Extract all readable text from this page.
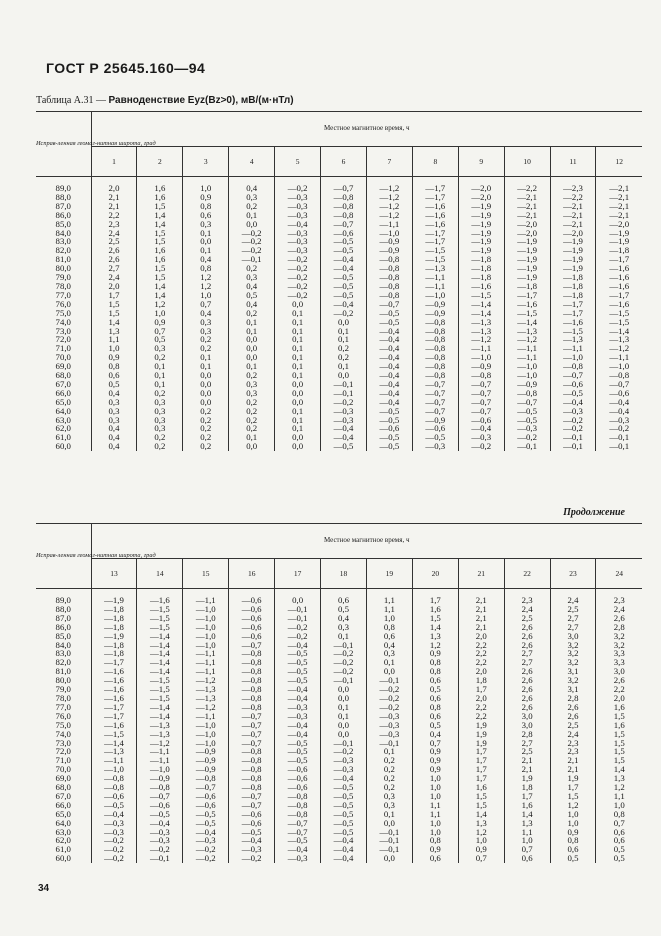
ГОСТ Р 25645.160—94
Таблица А.31 — Равноденствие Eуz(Bz>0), мВ/(м·нТл)
Исправ-ленная геомаг-нитная широта, град	Местное магнитное время, ч											
	1	2	3	4	5	6	7	8	9	10	11	12

89,0	2,0	1,6	1,0	0,4	—0,2	—0,7	—1,2	—1,7	—2,0	—2,2	—2,3	—2,1
88,0	2,1	1,6	0,9	0,3	—0,3	—0,8	—1,2	—1,7	—2,0	—2,1	—2,2	—2,1
87,0	2,1	1,5	0,8	0,2	—0,3	—0,8	—1,2	—1,6	—1,9	—2,1	—2,1	—2,1
86,0	2,2	1,4	0,6	0,1	—0,3	—0,8	—1,2	—1,6	—1,9	—2,1	—2,1	—2,1
85,0	2,3	1,4	0,3	0,0	—0,4	—0,7	—1,1	—1,6	—1,9	—2,0	—2,1	—2,0
84,0	2,4	1,5	0,1	—0,2	—0,3	—0,6	—1,0	—1,7	—1,9	—2,0	—2,0	—1,9
83,0	2,5	1,5	0,0	—0,2	—0,3	—0,5	—0,9	—1,7	—1,9	—1,9	—1,9	—1,9
82,0	2,6	1,6	0,1	—0,2	—0,3	—0,5	—0,9	—1,5	—1,9	—1,9	—1,9	—1,8
81,0	2,6	1,6	0,4	—0,1	—0,2	—0,4	—0,8	—1,5	—1,8	—1,9	—1,9	—1,7
80,0	2,7	1,5	0,8	0,2	—0,2	—0,4	—0,8	—1,3	—1,8	—1,9	—1,9	—1,6
79,0	2,4	1,5	1,2	0,3	—0,2	—0,5	—0,8	—1,1	—1,8	—1,9	—1,8	—1,6
78,0	2,0	1,4	1,2	0,4	—0,2	—0,5	—0,8	—1,1	—1,6	—1,8	—1,8	—1,6
77,0	1,7	1,4	1,0	0,5	—0,2	—0,5	—0,8	—1,0	—1,5	—1,7	—1,8	—1,7
76,0	1,5	1,2	0,7	0,4	0,0	—0,4	—0,7	—0,9	—1,4	—1,6	—1,7	—1,6
75,0	1,5	1,0	0,4	0,2	0,1	—0,2	—0,5	—0,9	—1,4	—1,5	—1,7	—1,5
74,0	1,4	0,9	0,3	0,1	0,1	0,0	—0,5	—0,8	—1,3	—1,4	—1,6	—1,5
73,0	1,3	0,7	0,3	0,1	0,1	0,1	—0,4	—0,8	—1,3	—1,3	—1,5	—1,4
72,0	1,1	0,5	0,2	0,0	0,1	0,1	—0,4	—0,8	—1,2	—1,2	—1,3	—1,3
71,0	1,0	0,3	0,2	0,0	0,1	0,2	—0,4	—0,8	—1,1	—1,1	—1,1	—1,2
70,0	0,9	0,2	0,1	0,0	0,1	0,2	—0,4	—0,8	—1,0	—1,1	—1,0	—1,1
69,0	0,8	0,1	0,1	0,1	0,1	0,1	—0,4	—0,8	—0,9	—1,0	—0,8	—1,0
68,0	0,6	0,1	0,0	0,2	0,1	0,0	—0,4	—0,8	—0,8	—1,0	—0,7	—0,8
67,0	0,5	0,1	0,0	0,3	0,0	—0,1	—0,4	—0,7	—0,7	—0,9	—0,6	—0,7
66,0	0,4	0,2	0,0	0,3	0,0	—0,1	—0,4	—0,7	—0,7	—0,8	—0,5	—0,6
65,0	0,3	0,3	0,0	0,2	0,0	—0,2	—0,4	—0,7	—0,7	—0,7	—0,4	—0,4
64,0	0,3	0,3	0,2	0,2	0,1	—0,3	—0,5	—0,7	—0,7	—0,5	—0,3	—0,4
63,0	0,3	0,3	0,2	0,2	0,1	—0,3	—0,5	—0,9	—0,6	—0,5	—0,2	—0,3
62,0	0,4	0,3	0,2	0,2	0,1	—0,4	—0,6	—0,6	—0,4	—0,3	—0,2	—0,2
61,0	0,4	0,2	0,2	0,1	0,0	—0,4	—0,5	—0,5	—0,3	—0,2	—0,1	—0,1
60,0	0,4	0,2	0,2	0,0	0,0	—0,5	—0,5	—0,3	—0,2	—0,1	—0,1	—0,1
Продолжение
Исправ-ленная геомаг-нитная широта, град	Местное магнитное время, ч											
	13	14	15	16	17	18	19	20	21	22	23	24

89,0	—1,9	—1,6	—1,1	—0,6	0,0	0,6	1,1	1,7	2,1	2,3	2,4	2,3
88,0	—1,8	—1,5	—1,0	—0,6	—0,1	0,5	1,1	1,6	2,1	2,4	2,5	2,4
87,0	—1,8	—1,5	—1,0	—0,6	—0,1	0,4	1,0	1,5	2,1	2,5	2,7	2,6
86,0	—1,8	—1,5	—1,0	—0,6	—0,2	0,3	0,8	1,4	2,1	2,6	2,7	2,8
85,0	—1,9	—1,4	—1,0	—0,6	—0,2	0,1	0,6	1,3	2,0	2,6	3,0	3,2
84,0	—1,8	—1,4	—1,0	—0,7	—0,4	—0,1	0,4	1,2	2,2	2,6	3,2	3,2
83,0	—1,8	—1,4	—1,1	—0,8	—0,5	—0,2	0,3	0,9	2,2	2,7	3,2	3,3
82,0	—1,7	—1,4	—1,1	—0,8	—0,5	—0,2	0,1	0,8	2,2	2,7	3,2	3,3
81,0	—1,6	—1,4	—1,1	—0,8	—0,5	—0,2	0,0	0,8	2,0	2,6	3,1	3,0
80,0	—1,6	—1,5	—1,2	—0,8	—0,5	—0,1	—0,1	0,6	1,8	2,6	3,2	2,6
79,0	—1,6	—1,5	—1,3	—0,8	—0,4	0,0	—0,2	0,5	1,7	2,6	3,1	2,2
78,0	—1,6	—1,5	—1,3	—0,8	—0,4	0,0	—0,2	0,6	2,0	2,6	2,8	2,0
77,0	—1,7	—1,4	—1,2	—0,8	—0,3	0,1	—0,2	0,8	2,2	2,6	2,6	1,6
76,0	—1,7	—1,4	—1,1	—0,7	—0,3	0,1	—0,3	0,6	2,2	3,0	2,6	1,5
75,0	—1,6	—1,3	—1,0	—0,7	—0,4	0,0	—0,3	0,5	1,9	3,0	2,5	1,6
74,0	—1,5	—1,3	—1,0	—0,7	—0,4	0,0	—0,3	0,4	1,9	2,8	2,4	1,5
73,0	—1,4	—1,2	—1,0	—0,7	—0,5	—0,1	—0,1	0,7	1,9	2,7	2,3	1,5
72,0	—1,3	—1,1	—0,9	—0,8	—0,5	—0,2	0,1	0,9	1,7	2,5	2,3	1,5
71,0	—1,1	—1,1	—0,9	—0,8	—0,5	—0,3	0,2	0,9	1,7	2,1	2,1	1,5
70,0	—1,0	—1,0	—0,9	—0,8	—0,6	—0,3	0,2	0,9	1,7	2,1	2,1	1,4
69,0	—0,8	—0,9	—0,8	—0,8	—0,6	—0,4	0,2	1,0	1,7	1,9	1,9	1,3
68,0	—0,8	—0,8	—0,7	—0,8	—0,6	—0,5	0,2	1,0	1,6	1,8	1,7	1,2
67,0	—0,6	—0,7	—0,6	—0,7	—0,8	—0,5	0,3	1,0	1,5	1,7	1,5	1,1
66,0	—0,5	—0,6	—0,6	—0,7	—0,8	—0,5	0,3	1,1	1,5	1,6	1,2	1,0
65,0	—0,4	—0,5	—0,5	—0,6	—0,8	—0,5	0,1	1,1	1,4	1,4	1,0	0,8
64,0	—0,3	—0,4	—0,5	—0,6	—0,7	—0,5	0,0	1,0	1,3	1,3	1,0	0,7
63,0	—0,3	—0,3	—0,4	—0,5	—0,7	—0,5	—0,1	1,0	1,2	1,1	0,9	0,6
62,0	—0,2	—0,3	—0,3	—0,4	—0,5	—0,4	—0,1	0,8	1,0	1,0	0,8	0,6
61,0	—0,2	—0,2	—0,2	—0,3	—0,4	—0,4	—0,1	0,9	0,9	0,7	0,6	0,5
60,0	—0,2	—0,1	—0,2	—0,2	—0,3	—0,4	0,0	0,6	0,7	0,6	0,5	0,5
34
